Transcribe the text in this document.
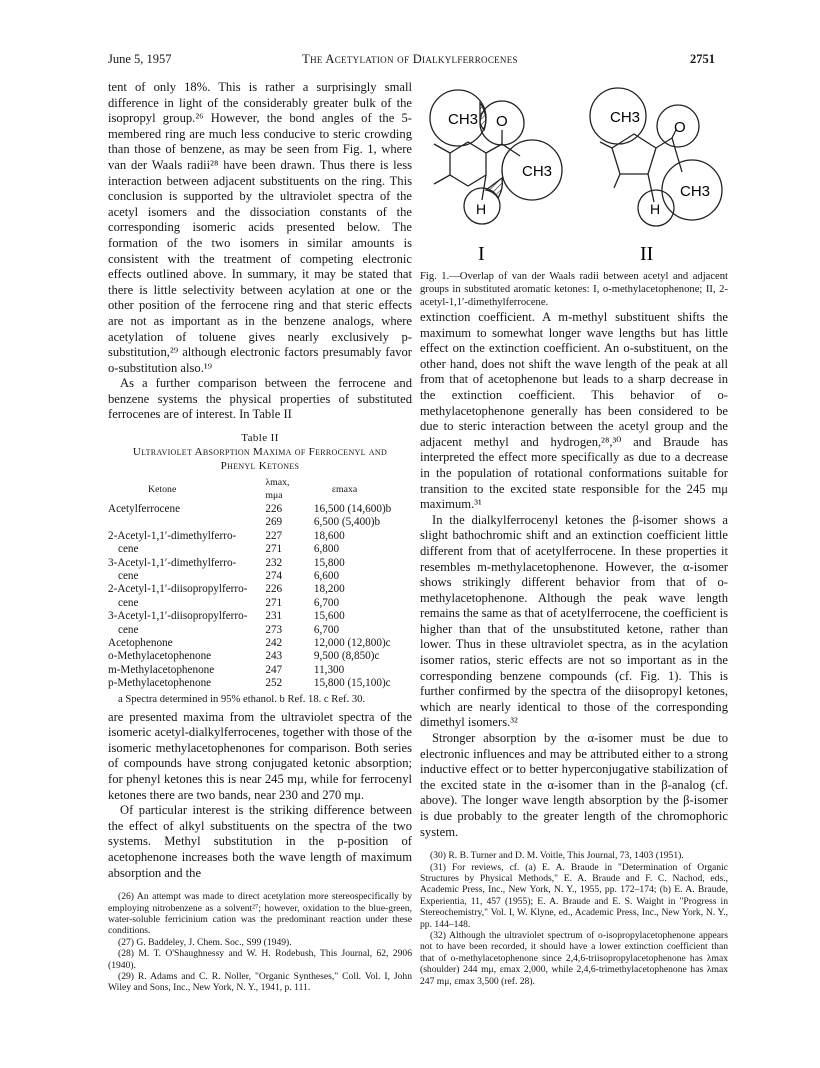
June 5, 1957	The Acetylation of Dialkylferrocenes	2751

tent of only 18%. This is rather a surprisingly small difference in light of the considerably greater bulk of the isopropyl group.²⁶ However, the bond angles of the 5-membered ring are much less conducive to steric crowding than those of benzene, as may be seen from Fig. 1, where van der Waals radii²⁸ have been drawn. Thus there is less interaction between adjacent substituents on the ring. This conclusion is supported by the ultraviolet spectra of the acetyl isomers and the dissociation constants of the corresponding isomeric acids presented below. The formation of the two isomers in similar amounts is consistent with the treatment of competing electronic effects outlined above. In summary, it may be stated that there is little selectivity between acylation at one or the other position of the ferrocene ring and that steric effects are not as important as in the benzene analogs, where acetylation of toluene gives nearly exclusively p-substitution,²⁹ although electronic factors presumably favor o-substitution also.¹⁹

As a further comparison between the ferrocene and benzene systems the physical properties of substituted ferrocenes are of interest. In Table II

Table II
Ultraviolet Absorption Maxima of Ferrocenyl and
Phenyl Ketones
Ketone	λmax, mμa	εmaxa
Acetylferrocene	226	16,500 (14,600)b
	269	6,500 (5,400)b
2-Acetyl-1,1′-dimethylferro-	227	18,600
cene	271	6,800
3-Acetyl-1,1′-dimethylferro-	232	15,800
cene	274	6,600
2-Acetyl-1,1′-diisopropylferro-	226	18,200
cene	271	6,700
3-Acetyl-1,1′-diisopropylferro-	231	15,600
cene	273	6,700
Acetophenone	242	12,000 (12,800)c
o-Methylacetophenone	243	9,500 (8,850)c
m-Methylacetophenone	247	11,300
p-Methylacetophenone	252	15,800 (15,100)c
a Spectra determined in 95% ethanol. b Ref. 18. c Ref. 30.

are presented maxima from the ultraviolet spectra of the isomeric acetyl-dialkylferrocenes, together with those of the isomeric methylacetophenones for comparison. Both series of compounds have strong conjugated ketonic absorption; for phenyl ketones this is near 245 mμ, while for ferrocenyl ketones there are two bands, near 230 and 270 mμ.

Of particular interest is the striking difference between the effect of alkyl substituents on the spectra of the two systems. Methyl substitution in the p-position of acetophenone increases both the wave length of maximum absorption and the

(26) An attempt was made to direct acetylation more stereospecifically by employing nitrobenzene as a solvent²⁷; however, oxidation to the blue-green, water-soluble ferricinium cation was the predominant reaction under these conditions.
(27) G. Baddeley, J. Chem. Soc., S99 (1949).
(28) M. T. O'Shaughnessy and W. H. Rodebush, This Journal, 62, 2906 (1940).
(29) R. Adams and C. R. Noller, "Organic Syntheses," Coll. Vol. I, John Wiley and Sons, Inc., New York, N. Y., 1941, p. 111.
CH3 O
CH3
H
CH3
O
CH3
H
I	II
Fig. 1.—Overlap of van der Waals radii between acetyl and adjacent groups in substituted aromatic ketones: I, o-methylacetophenone; II, 2-acetyl-1,1′-dimethylferrocene.

extinction coefficient. A m-methyl substituent shifts the maximum to somewhat longer wave lengths but has little effect on the extinction coefficient. An o-substituent, on the other hand, does not shift the wave length of the peak at all from that of acetophenone but leads to a sharp decrease in the extinction coefficient. This behavior of o-methylacetophenone generally has been considered to be due to steric interaction between the acetyl group and the adjacent methyl and hydrogen,²⁸,³⁰ and Braude has interpreted the effect more specifically as due to a decrease in the population of rotational conformations suitable for transition to the excited state responsible for the 245 mμ maximum.³¹

In the dialkylferrocenyl ketones the β-isomer shows a slight bathochromic shift and an extinction coefficient little different from that of acetylferrocene. In these properties it resembles m-methylacetophenone. However, the α-isomer shows strikingly different behavior from that of o-methylacetophenone. Although the peak wave length remains the same as that of acetylferrocene, the coefficient is higher than that of the unsubstituted ketone, rather than lower. Thus in these ultraviolet spectra, as in the acylation isomer ratios, steric effects are not so important as in the corresponding benzene compounds (cf. Fig. 1). This is further confirmed by the spectra of the diisopropyl ketones, which are nearly identical to those of the corresponding dimethyl isomers.³²

Stronger absorption by the α-isomer must be due to electronic influences and may be attributed either to a strong inductive effect or to better hyperconjugative stabilization of the excited state in the α-isomer than in the β-analog (cf. above). The longer wave length absorption by the β-isomer is due probably to the greater length of the chromophoric system.

(30) R. B. Turner and D. M. Voitle, This Journal, 73, 1403 (1951).
(31) For reviews, cf. (a) E. A. Braude in "Determination of Organic Structures by Physical Methods," E. A. Braude and F. C. Nachod, eds., Academic Press, Inc., New York, N. Y., 1955, pp. 172–174; (b) E. A. Braude, Experientia, 11, 457 (1955); E. A. Braude and E. S. Waight in "Progress in Stereochemistry," Vol. I, W. Klyne, ed., Academic Press, Inc., New York, N. Y., pp. 144–148.
(32) Although the ultraviolet spectrum of o-isopropylacetophenone appears not to have been recorded, it should have a lower extinction coefficient than that of o-methylacetophenone since 2,4,6-triisopropylacetophenone has λmax (shoulder) 244 mμ, εmax 2,000, while 2,4,6-trimethylacetophenone has λmax 247 mμ, εmax 3,500 (ref. 28).
